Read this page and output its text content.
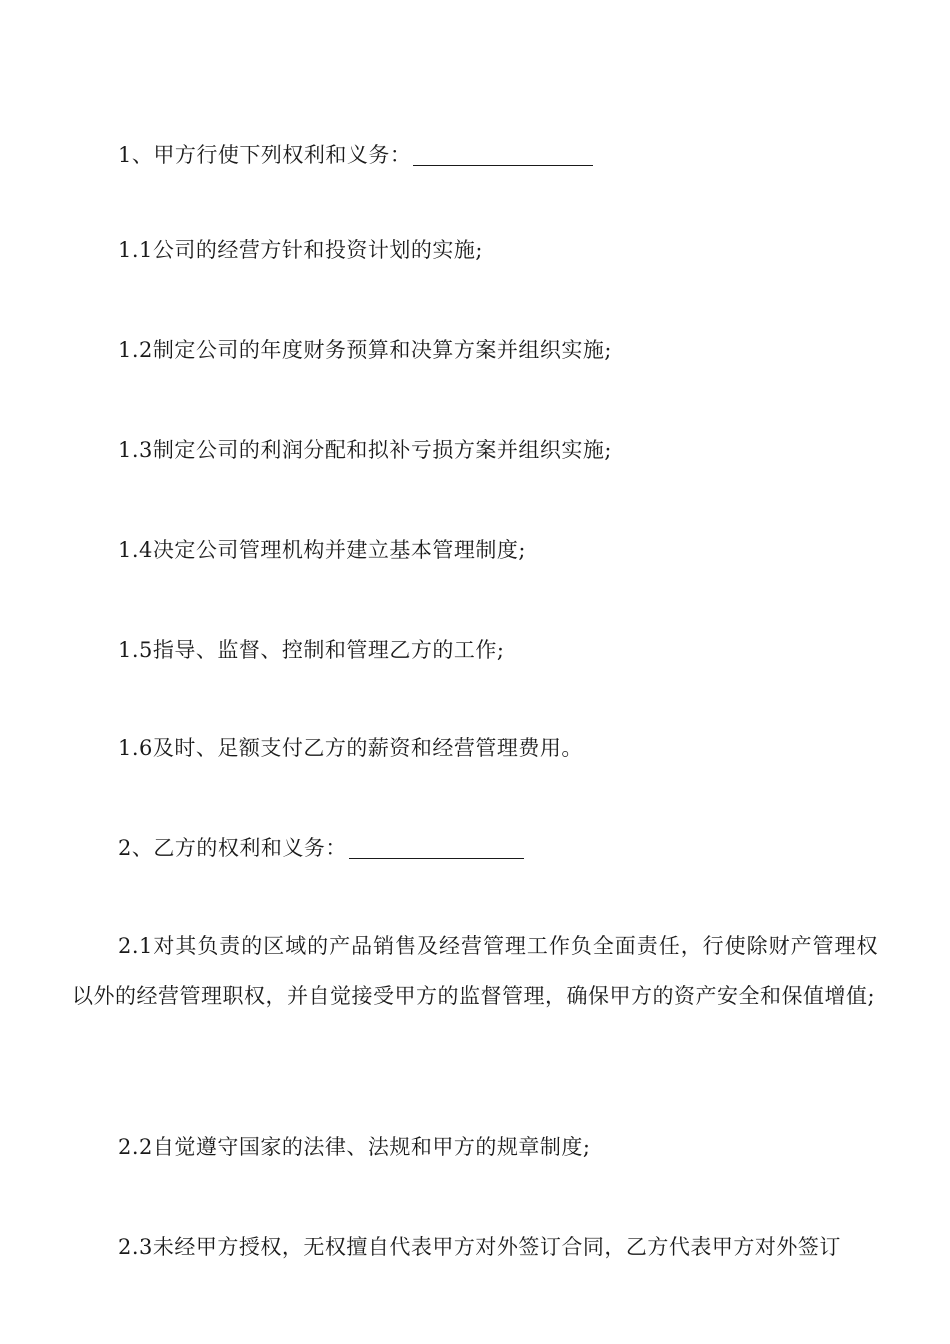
1、甲方行使下列权利和义务：
1.1公司的经营方针和投资计划的实施;
1.2制定公司的年度财务预算和决算方案并组织实施;
1.3制定公司的利润分配和拟补亏损方案并组织实施;
1.4决定公司管理机构并建立基本管理制度;
1.5指导、监督、控制和管理乙方的工作;
1.6及时、足额支付乙方的薪资和经营管理费用。
2、乙方的权利和义务：
2.1对其负责的区域的产品销售及经营管理工作负全面责任，行使除财产管理权以外的经营管理职权，并自觉接受甲方的监督管理，确保甲方的资产安全和保值增值;
2.2自觉遵守国家的法律、法规和甲方的规章制度;
2.3未经甲方授权，无权擅自代表甲方对外签订合同，乙方代表甲方对外签订
